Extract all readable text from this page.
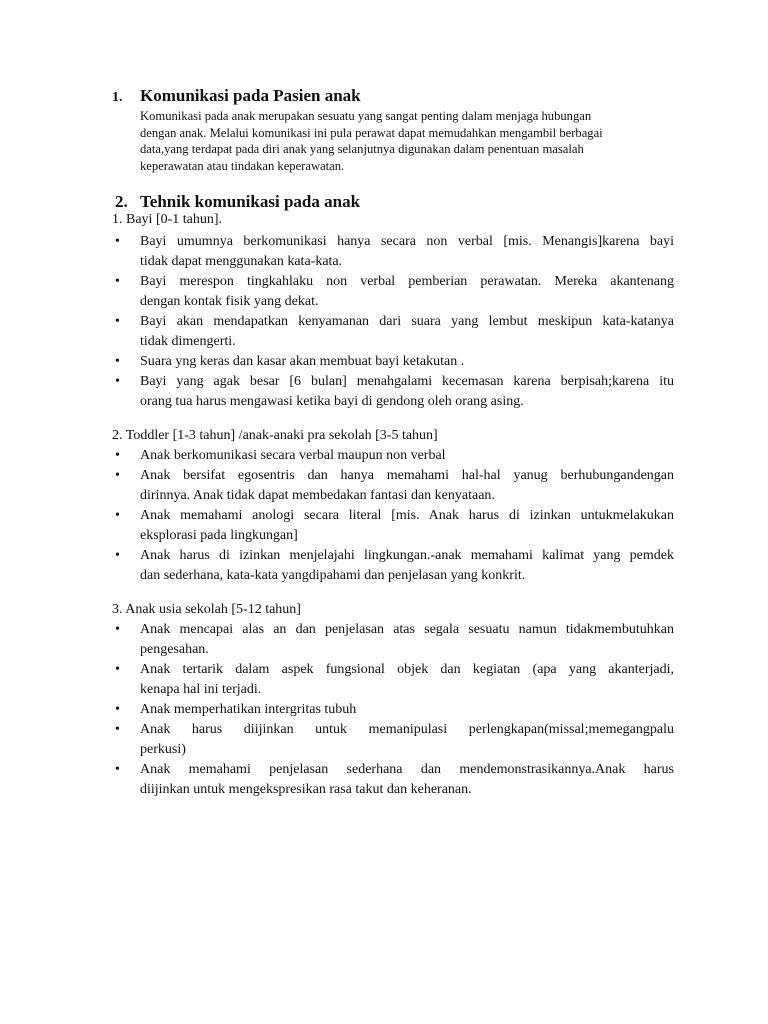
1. Komunikasi pada Pasien anak
Komunikasi pada anak merupakan sesuatu yang sangat penting dalam menjaga hubungan
dengan anak. Melalui komunikasi ini pula perawat dapat memudahkan mengambil berbagai
data,yang terdapat pada diri anak yang selanjutnya digunakan dalam penentuan masalah
keperawatan atau tindakan keperawatan.
2. Tehnik komunikasi pada anak
1. Bayi [0-1 tahun].
• Bayi umumnya berkomunikasi hanya secara non verbal [mis. Menangis]karena bayi
tidak dapat menggunakan kata-kata.
• Bayi merespon tingkahlaku non verbal pemberian perawatan. Mereka akantenang
dengan kontak fisik yang dekat.
• Bayi akan mendapatkan kenyamanan dari suara yang lembut meskipun kata-katanya
tidak dimengerti.
• Suara yng keras dan kasar akan membuat bayi ketakutan .
• Bayi yang agak besar [6 bulan] menahgalami kecemasan karena berpisah;karena itu
orang tua harus mengawasi ketika bayi di gendong oleh orang asing.
2. Toddler [1-3 tahun] /anak-anaki pra sekolah [3-5 tahun]
• Anak berkomunikasi secara verbal maupun non verbal
• Anak bersifat egosentris dan hanya memahami hal-hal yanug berhubungandengan
dirinnya. Anak tidak dapat membedakan fantasi dan kenyataan.
• Anak memahami anologi secara literal [mis. Anak harus di izinkan untukmelakukan
eksplorasi pada lingkungan]
• Anak harus di izinkan menjelajahi lingkungan.-anak memahami kalimat yang pemdek
dan sederhana, kata-kata yangdipahami dan penjelasan yang konkrit.
3. Anak usia sekolah [5-12 tahun]
• Anak mencapai alas an dan penjelasan atas segala sesuatu namun tidakmembutuhkan
pengesahan.
• Anak tertarik dalam aspek fungsional objek dan kegiatan (apa yang akanterjadi,
kenapa hal ini terjadi.
• Anak memperhatikan intergritas tubuh
• Anak harus diijinkan untuk memanipulasi perlengkapan(missal;memegangpalu
perkusi)
• Anak memahami penjelasan sederhana dan mendemonstrasikannya.Anak harus
diijinkan untuk mengekspresikan rasa takut dan keheranan.
